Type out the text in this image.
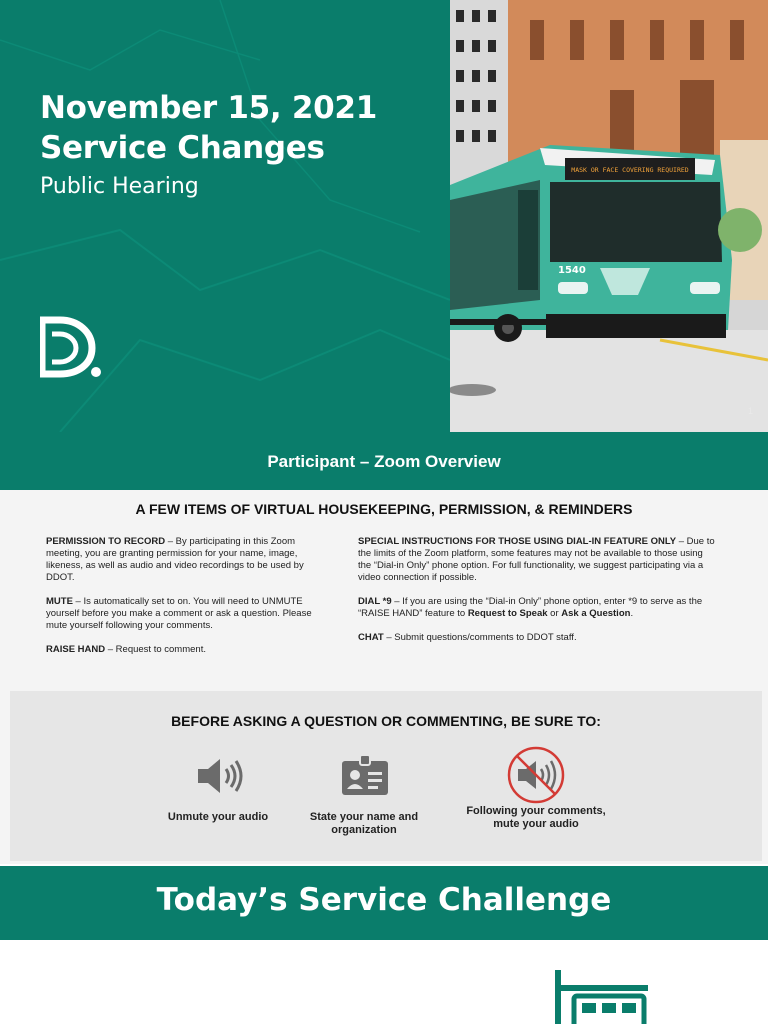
November 15, 2021
Service Changes
Public Hearing
MASK OR FACE COVERING REQUIRED
1540
1
Participant – Zoom Overview
A FEW ITEMS OF VIRTUAL HOUSEKEEPING, PERMISSION, & REMINDERS

PERMISSION TO RECORD – By participating in this Zoom meeting, you are granting permission for your name, image, likeness, as well as audio and video recordings to be used by DDOT.

MUTE – Is automatically set to on. You will need to UNMUTE yourself before you make a comment or ask a question. Please mute yourself following your comments.

RAISE HAND – Request to comment.

SPECIAL INSTRUCTIONS FOR THOSE USING DIAL-IN FEATURE ONLY – Due to the limits of the Zoom platform, some features may not be available to those using the “Dial-in Only” phone option. For full functionality, we suggest participating via a video connection if possible.

DIAL *9 – If you are using the “Dial-in Only” phone option, enter *9 to serve as the “RAISE HAND” feature to Request to Speak or Ask a Question.

CHAT – Submit questions/comments to DDOT staff.

BEFORE ASKING A QUESTION OR COMMENTING, BE SURE TO:
Unmute your audio	State your name and organization
Following your comments, mute your audio
Today’s Service Challenge
